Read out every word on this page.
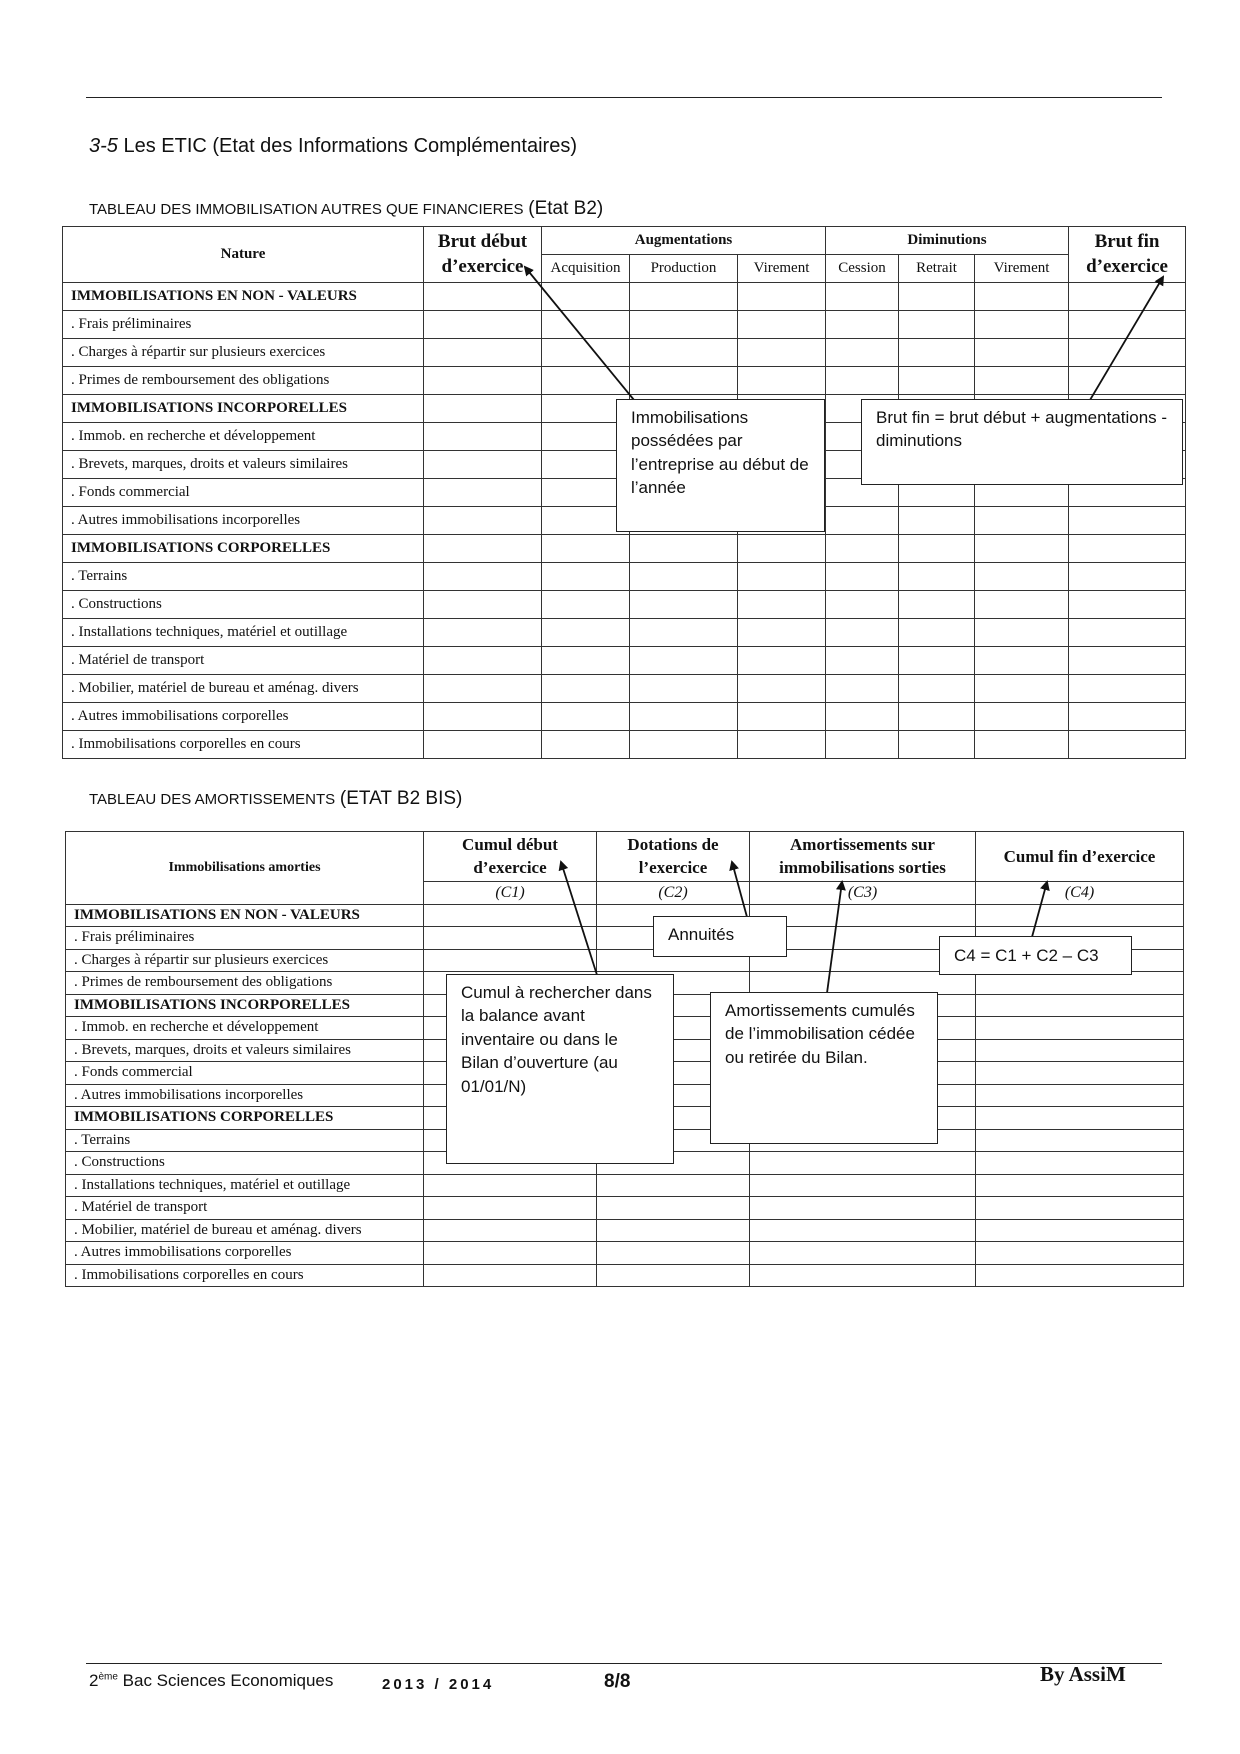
3-5 Les ETIC (Etat des Informations Complémentaires)
TABLEAU DES IMMOBILISATION AUTRES QUE FINANCIERES (Etat B2)
Nature	Brut début d’exercice	Augmentations			Diminutions			Brut fin d’exercice
		Acquisition	Production	Virement	Cession	Retrait	Virement	
IMMOBILISATIONS EN NON - VALEURS								
. Frais préliminaires								
. Charges à répartir sur plusieurs exercices								
. Primes de remboursement des obligations								
IMMOBILISATIONS INCORPORELLES								
. Immob. en recherche et développement								
. Brevets, marques, droits et valeurs similaires								
. Fonds commercial								
. Autres immobilisations incorporelles								
IMMOBILISATIONS CORPORELLES								
. Terrains								
. Constructions								
. Installations techniques, matériel et outillage								
. Matériel de transport								
. Mobilier, matériel de bureau et aménag. divers								
. Autres immobilisations corporelles								
. Immobilisations corporelles en cours								
TABLEAU DES AMORTISSEMENTS (ETAT B2 BIS)
Immobilisations amorties	Cumul début d’exercice	Dotations de l’exercice	Amortissements sur immobilisations sorties	Cumul fin d’exercice
	(C1)	(C2)	(C3)	(C4)
IMMOBILISATIONS EN NON - VALEURS				
. Frais préliminaires				
. Charges à répartir sur plusieurs exercices				
. Primes de remboursement des obligations				
IMMOBILISATIONS INCORPORELLES				
. Immob. en recherche et développement				
. Brevets, marques, droits et valeurs similaires				
. Fonds commercial				
. Autres immobilisations incorporelles				
IMMOBILISATIONS CORPORELLES				
. Terrains				
. Constructions				
. Installations techniques, matériel et outillage				
. Matériel de transport				
. Mobilier, matériel de bureau et aménag. divers				
. Autres immobilisations corporelles				
. Immobilisations corporelles en cours				
Immobilisations possédées par l’entreprise au début de l’année
Brut fin = brut début + augmentations - diminutions
Annuités
C4 = C1 + C2 – C3
Cumul à rechercher dans la balance avant inventaire ou dans le Bilan d’ouverture (au 01/01/N)
Amortissements cumulés de l’immobilisation cédée ou retirée du Bilan.
2ème Bac Sciences Economiques	2013 / 2014	8/8	By AssiM
